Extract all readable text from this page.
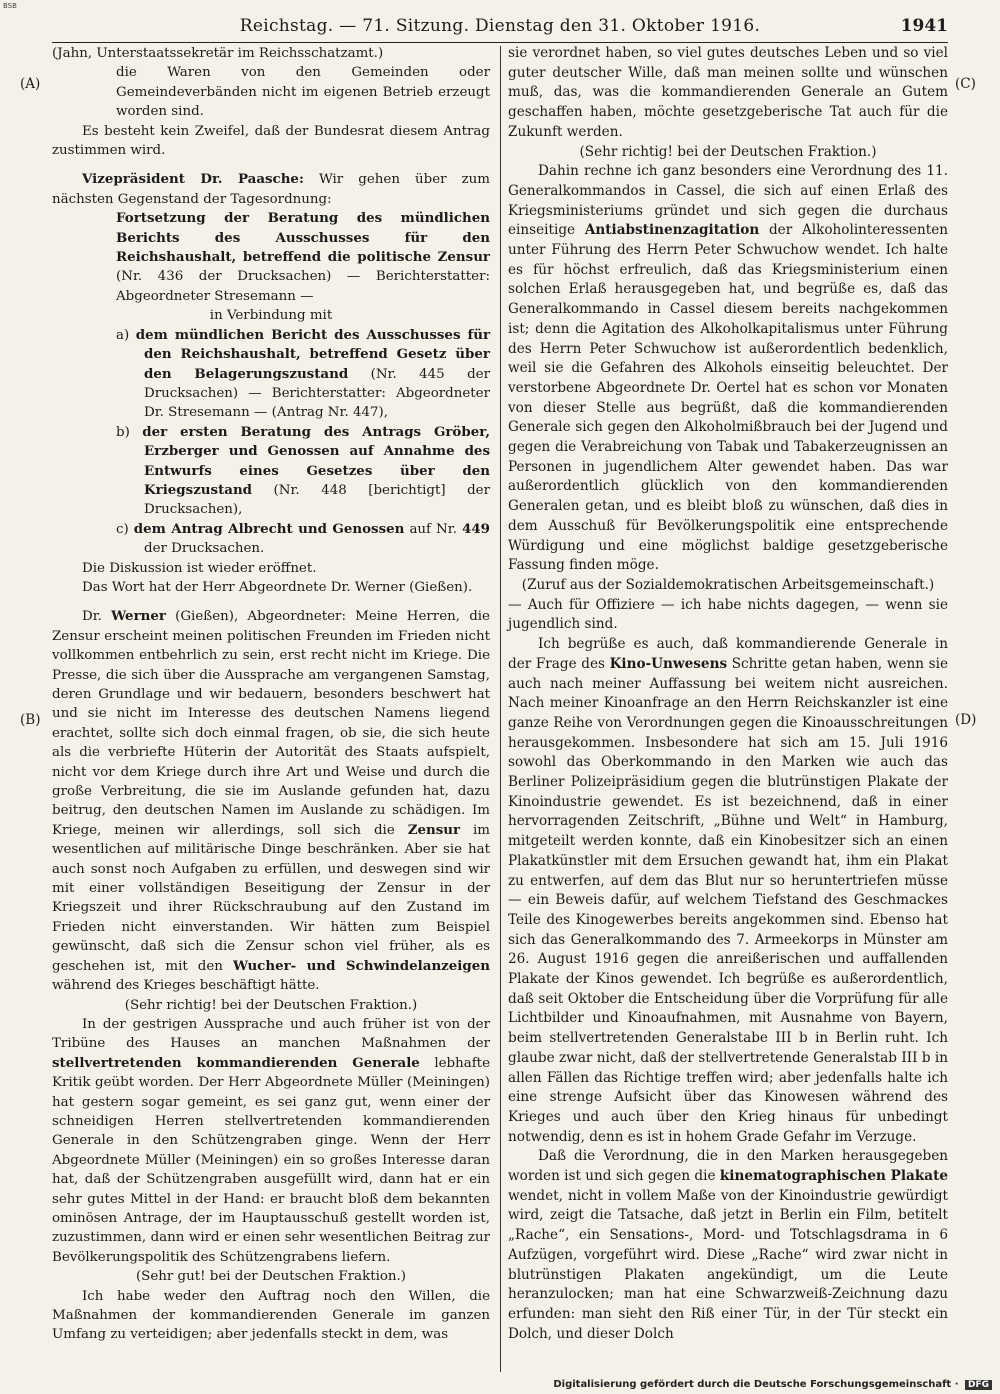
BSB
Reichstag. — 71. Sitzung. Dienstag den 31. Oktober 1916.	1941
(A)
(B)
(C)
(D)

(Jahn, Unterstaatssekretär im Reichsschatzamt.)

die Waren von den Gemeinden oder Gemeindeverbänden nicht im eigenen Betrieb erzeugt worden sind.

Es besteht kein Zweifel, daß der Bundesrat diesem Antrag zustimmen wird.

Vizepräsident Dr. Paasche: Wir gehen über zum nächsten Gegenstand der Tagesordnung:

Fortsetzung der Beratung des mündlichen Berichts des Ausschusses für den Reichshaushalt, betreffend die politische Zensur (Nr. 436 der Drucksachen) — Berichterstatter: Abgeordneter Stresemann —

in Verbindung mit

a) dem mündlichen Bericht des Ausschusses für den Reichshaushalt, betreffend Gesetz über den Belagerungszustand (Nr. 445 der Drucksachen) — Berichterstatter: Abgeordneter Dr. Stresemann — (Antrag Nr. 447),

b) der ersten Beratung des Antrags Gröber, Erzberger und Genossen auf Annahme des Entwurfs eines Gesetzes über den Kriegszustand (Nr. 448 [berichtigt] der Drucksachen),

c) dem Antrag Albrecht und Genossen auf Nr. 449 der Drucksachen.

Die Diskussion ist wieder eröffnet.

Das Wort hat der Herr Abgeordnete Dr. Werner (Gießen).

Dr. Werner (Gießen), Abgeordneter: Meine Herren, die Zensur erscheint meinen politischen Freunden im Frieden nicht vollkommen entbehrlich zu sein, erst recht nicht im Kriege. Die Presse, die sich über die Aussprache am vergangenen Samstag, deren Grundlage und wir bedauern, besonders beschwert hat und sie nicht im Interesse des deutschen Namens liegend erachtet, sollte sich doch einmal fragen, ob sie, die sich heute als die verbriefte Hüterin der Autorität des Staats aufspielt, nicht vor dem Kriege durch ihre Art und Weise und durch die große Verbreitung, die sie im Auslande gefunden hat, dazu beitrug, den deutschen Namen im Auslande zu schädigen. Im Kriege, meinen wir allerdings, soll sich die Zensur im wesentlichen auf militärische Dinge beschränken. Aber sie hat auch sonst noch Aufgaben zu erfüllen, und deswegen sind wir mit einer vollständigen Beseitigung der Zensur in der Kriegszeit und ihrer Rückschraubung auf den Zustand im Frieden nicht einverstanden. Wir hätten zum Beispiel gewünscht, daß sich die Zensur schon viel früher, als es geschehen ist, mit den Wucher- und Schwindelanzeigen während des Krieges beschäftigt hätte.

(Sehr richtig! bei der Deutschen Fraktion.)

In der gestrigen Aussprache und auch früher ist von der Tribüne des Hauses an manchen Maßnahmen der stellvertretenden kommandierenden Generale lebhafte Kritik geübt worden. Der Herr Abgeordnete Müller (Meiningen) hat gestern sogar gemeint, es sei ganz gut, wenn einer der schneidigen Herren stellvertretenden kommandierenden Generale in den Schützengraben ginge. Wenn der Herr Abgeordnete Müller (Meiningen) ein so großes Interesse daran hat, daß der Schützengraben ausgefüllt wird, dann hat er ein sehr gutes Mittel in der Hand: er braucht bloß dem bekannten ominösen Antrage, der im Hauptausschuß gestellt worden ist, zuzustimmen, dann wird er einen sehr wesentlichen Beitrag zur Bevölkerungspolitik des Schützengrabens liefern.

(Sehr gut! bei der Deutschen Fraktion.)

Ich habe weder den Auftrag noch den Willen, die Maßnahmen der kommandierenden Generale im ganzen Umfang zu verteidigen; aber jedenfalls steckt in dem, was

sie verordnet haben, so viel gutes deutsches Leben und so viel guter deutscher Wille, daß man meinen sollte und wünschen muß, das, was die kommandierenden Generale an Gutem geschaffen haben, möchte gesetzgeberische Tat auch für die Zukunft werden.

(Sehr richtig! bei der Deutschen Fraktion.)

Dahin rechne ich ganz besonders eine Verordnung des 11. Generalkommandos in Cassel, die sich auf einen Erlaß des Kriegsministeriums gründet und sich gegen die durchaus einseitige Antiabstinenzagitation der Alkoholinteressenten unter Führung des Herrn Peter Schwuchow wendet. Ich halte es für höchst erfreulich, daß das Kriegsministerium einen solchen Erlaß herausgegeben hat, und begrüße es, daß das Generalkommando in Cassel diesem bereits nachgekommen ist; denn die Agitation des Alkoholkapitalismus unter Führung des Herrn Peter Schwuchow ist außerordentlich bedenklich, weil sie die Gefahren des Alkohols einseitig beleuchtet. Der verstorbene Abgeordnete Dr. Oertel hat es schon vor Monaten von dieser Stelle aus begrüßt, daß die kommandierenden Generale sich gegen den Alkoholmißbrauch bei der Jugend und gegen die Verabreichung von Tabak und Tabakerzeugnissen an Personen in jugendlichem Alter gewendet haben. Das war außerordentlich glücklich von den kommandierenden Generalen getan, und es bleibt bloß zu wünschen, daß dies in dem Ausschuß für Bevölkerungspolitik eine entsprechende Würdigung und eine möglichst baldige gesetzgeberische Fassung finden möge.

(Zuruf aus der Sozialdemokratischen Arbeitsgemeinschaft.)

— Auch für Offiziere — ich habe nichts dagegen, — wenn sie jugendlich sind.

Ich begrüße es auch, daß kommandierende Generale in der Frage des Kino-Unwesens Schritte getan haben, wenn sie auch nach meiner Auffassung bei weitem nicht ausreichen. Nach meiner Kinoanfrage an den Herrn Reichskanzler ist eine ganze Reihe von Verordnungen gegen die Kinoausschreitungen herausgekommen. Insbesondere hat sich am 15. Juli 1916 sowohl das Oberkommando in den Marken wie auch das Berliner Polizeipräsidium gegen die blutrünstigen Plakate der Kinoindustrie gewendet. Es ist bezeichnend, daß in einer hervorragenden Zeitschrift, „Bühne und Welt“ in Hamburg, mitgeteilt werden konnte, daß ein Kinobesitzer sich an einen Plakatkünstler mit dem Ersuchen gewandt hat, ihm ein Plakat zu entwerfen, auf dem das Blut nur so heruntertriefen müsse — ein Beweis dafür, auf welchem Tiefstand des Geschmackes Teile des Kinogewerbes bereits angekommen sind. Ebenso hat sich das Generalkommando des 7. Armeekorps in Münster am 26. August 1916 gegen die anreißerischen und auffallenden Plakate der Kinos gewendet. Ich begrüße es außerordentlich, daß seit Oktober die Entscheidung über die Vorprüfung für alle Lichtbilder und Kinoaufnahmen, mit Ausnahme von Bayern, beim stellvertretenden Generalstabe III b in Berlin ruht. Ich glaube zwar nicht, daß der stellvertretende Generalstab III b in allen Fällen das Richtige treffen wird; aber jedenfalls halte ich eine strenge Aufsicht über das Kinowesen während des Krieges und auch über den Krieg hinaus für unbedingt notwendig, denn es ist in hohem Grade Gefahr im Verzuge.

Daß die Verordnung, die in den Marken herausgegeben worden ist und sich gegen die kinematographischen Plakate wendet, nicht in vollem Maße von der Kinoindustrie gewürdigt wird, zeigt die Tatsache, daß jetzt in Berlin ein Film, betitelt „Rache“, ein Sensations-, Mord- und Totschlagsdrama in 6 Aufzügen, vorgeführt wird. Diese „Rache“ wird zwar nicht in blutrünstigen Plakaten angekündigt, um die Leute heranzulocken; man hat eine Schwarzweiß-Zeichnung dazu erfunden: man sieht den Riß einer Tür, in der Tür steckt ein Dolch, und dieser Dolch

Digitalisierung gefördert durch die Deutsche Forschungsgemeinschaft · DFG
